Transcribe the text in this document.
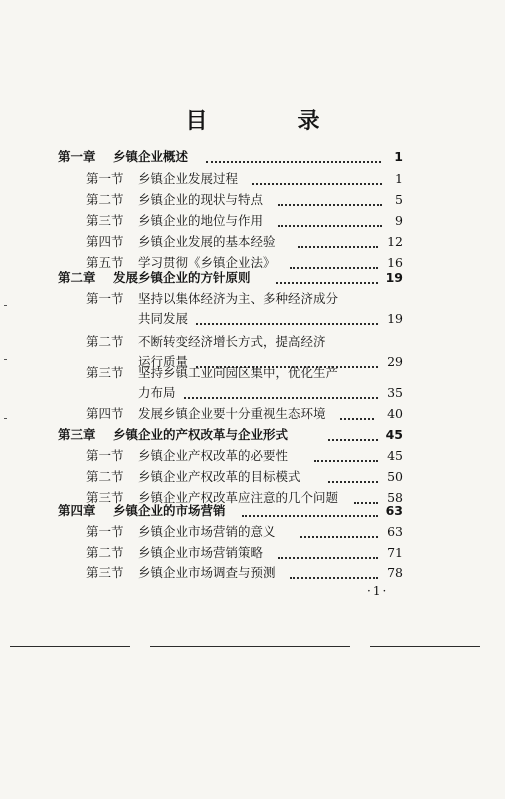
目　录
第一章 乡镇企业概述	1
第一节 乡镇企业发展过程	1
第二节 乡镇企业的现状与特点	5
第三节 乡镇企业的地位与作用	9
第四节 乡镇企业发展的基本经验	12
第五节 学习贯彻《乡镇企业法》	16
第二章 发展乡镇企业的方针原则	19
第一节 坚持以集体经济为主、多种经济成分
共同发展	19
第二节 不断转变经济增长方式，提高经济
运行质量	29
第三节 坚持乡镇工业向园区集中，优化生产
力布局	35
第四节 发展乡镇企业要十分重视生态环境	40
第三章 乡镇企业的产权改革与企业形式	45
第一节 乡镇企业产权改革的必要性	45
第二节 乡镇企业产权改革的目标模式	50
第三节 乡镇企业产权改革应注意的几个问题	58
第四章 乡镇企业的市场营销	63
第一节 乡镇企业市场营销的意义	63
第二节 乡镇企业市场营销策略	71
第三节 乡镇企业市场调查与预测	78
·1·
